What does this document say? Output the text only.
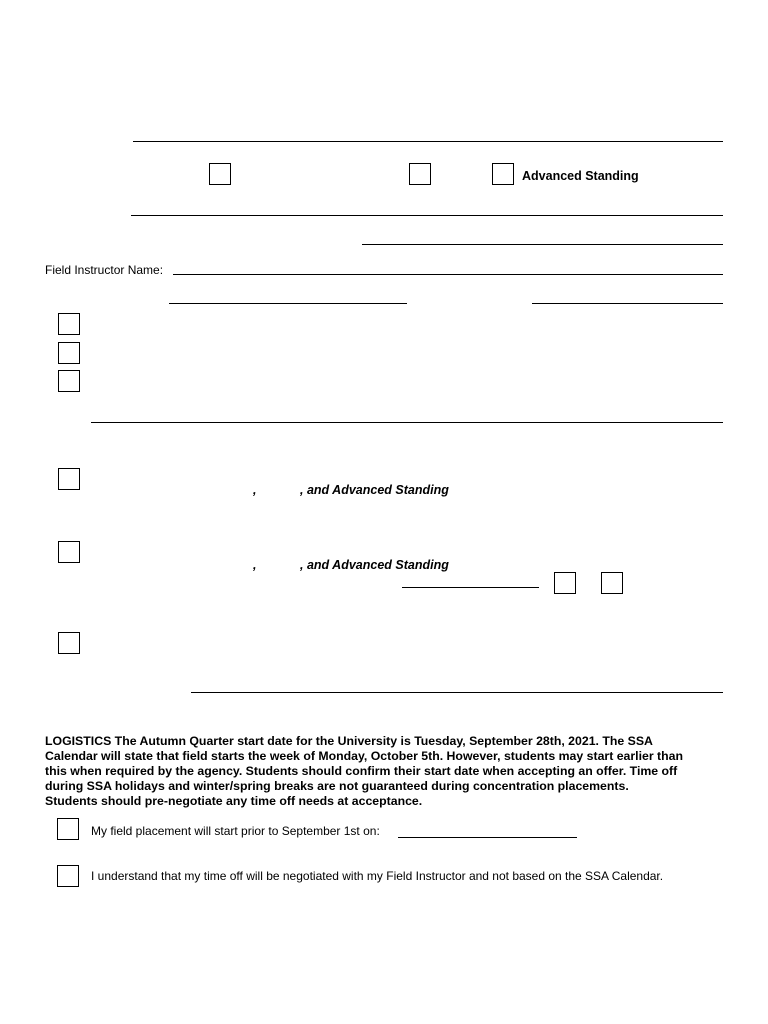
Advanced Standing
Field Instructor Name:
,	, and Advanced Standing
,	, and Advanced Standing

LOGISTICS The Autumn Quarter start date for the University is Tuesday, September 28th, 2021. The SSA

Calendar will state that field starts the week of Monday, October 5th. However, students may start earlier than

this when required by the agency. Students should confirm their start date when accepting an offer. Time off

during SSA holidays and winter/spring breaks are not guaranteed during concentration placements.

Students should pre-negotiate any time off needs at acceptance.

My field placement will start prior to September 1st on:
I understand that my time off will be negotiated with my Field Instructor and not based on the SSA Calendar.
